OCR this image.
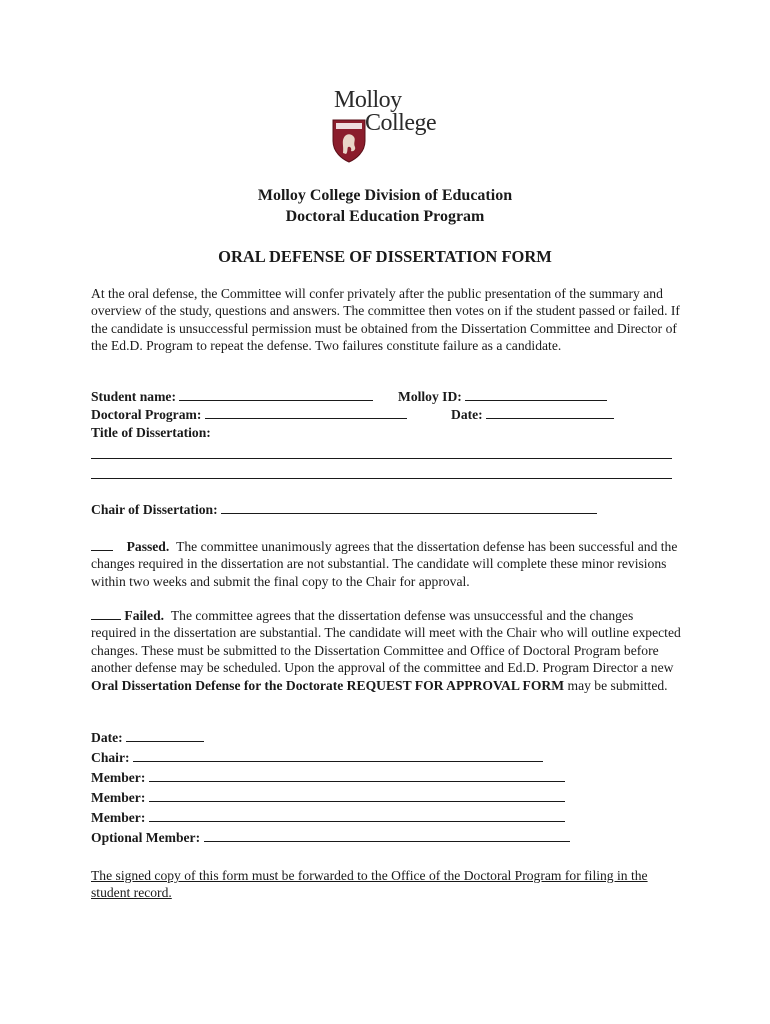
Molloy
College
Molloy College Division of Education
Doctoral Education Program
ORAL DEFENSE OF DISSERTATION FORM
At the oral defense, the Committee will confer privately after the public presentation of the summary and overview of the study, questions and answers. The committee then votes on if the student passed or failed. If the candidate is unsuccessful permission must be obtained from the Dissertation Committee and Director of the Ed.D. Program to repeat the defense. Two failures constitute failure as a candidate.
Student name:	Molloy ID:
Doctoral Program:	Date:
Title of Dissertation:
Chair of Dissertation:
Passed. The committee unanimously agrees that the dissertation defense has been successful and the changes required in the dissertation are not substantial. The candidate will complete these minor revisions within two weeks and submit the final copy to the Chair for approval.
Failed. The committee agrees that the dissertation defense was unsuccessful and the changes required in the dissertation are substantial. The candidate will meet with the Chair who will outline expected changes. These must be submitted to the Dissertation Committee and Office of Doctoral Program before another defense may be scheduled. Upon the approval of the committee and Ed.D. Program Director a new Oral Dissertation Defense for the Doctorate REQUEST FOR APPROVAL FORM may be submitted.
Date:
Chair:
Member:
Member:
Member:
Optional Member:
The signed copy of this form must be forwarded to the Office of the Doctoral Program for filing in the student record.
